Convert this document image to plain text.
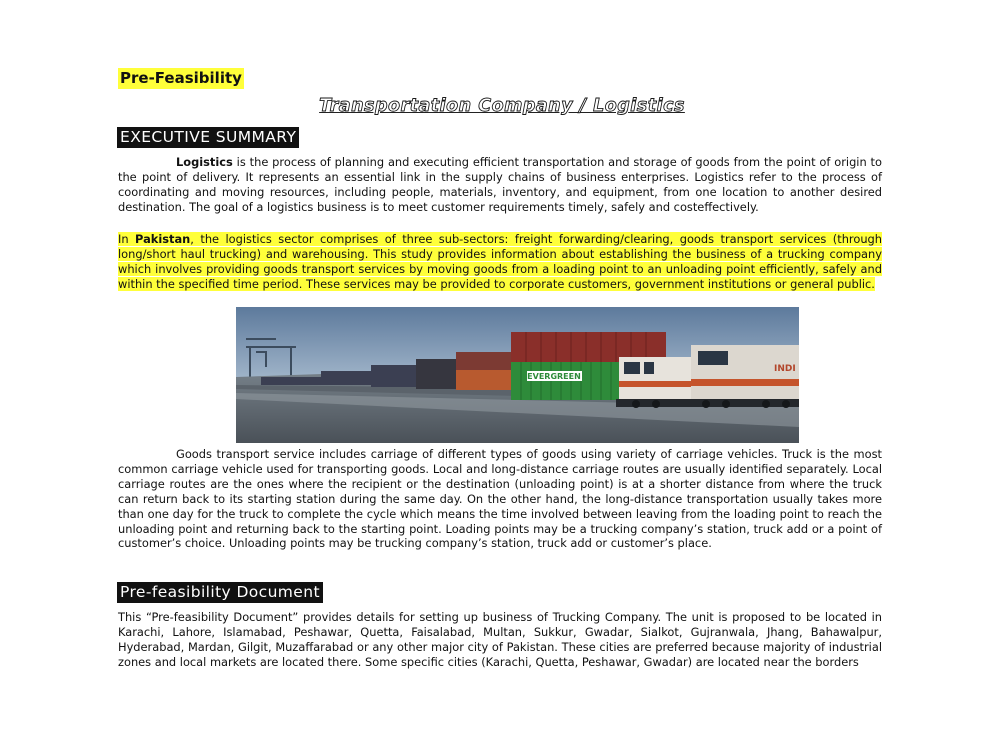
Pre-Feasibility
Transportation Company / Logistics
EXECUTIVE SUMMARY
Logistics is the process of planning and executing efficient transportation and storage of goods from the point of origin to the point of delivery. It represents an essential link in the supply chains of business enterprises. Logistics refer to the process of coordinating and moving resources, including people, materials, inventory, and equipment, from one location to another desired destination. The goal of a logistics business is to meet customer requirements timely, safely and costeffectively.
In Pakistan, the logistics sector comprises of three sub-sectors: freight forwarding/clearing, goods transport services (through long/short haul trucking) and warehousing. This study provides information about establishing the business of a trucking company which involves providing goods transport services by moving goods from a loading point to an unloading point efficiently, safely and within the specified time period. These services may be provided to corporate customers, government institutions or general public.
EVERGREEN
INDI
Goods transport service includes carriage of different types of goods using variety of carriage vehicles. Truck is the most common carriage vehicle used for transporting goods. Local and long-distance carriage routes are usually identified separately. Local carriage routes are the ones where the recipient or the destination (unloading point) is at a shorter distance from where the truck can return back to its starting station during the same day. On the other hand, the long-distance transportation usually takes more than one day for the truck to complete the cycle which means the time involved between leaving from the loading point to reach the unloading point and returning back to the starting point. Loading points may be a trucking company’s station, truck add or a point of customer’s choice. Unloading points may be trucking company’s station, truck add or customer’s place.
Pre-feasibility Document
This “Pre-feasibility Document” provides details for setting up business of Trucking Company. The unit is proposed to be located in Karachi, Lahore, Islamabad, Peshawar, Quetta, Faisalabad, Multan, Sukkur, Gwadar, Sialkot, Gujranwala, Jhang, Bahawalpur, Hyderabad, Mardan, Gilgit, Muzaffarabad or any other major city of Pakistan. These cities are preferred because majority of industrial zones and local markets are located there. Some specific cities (Karachi, Quetta, Peshawar, Gwadar) are located near the borders
